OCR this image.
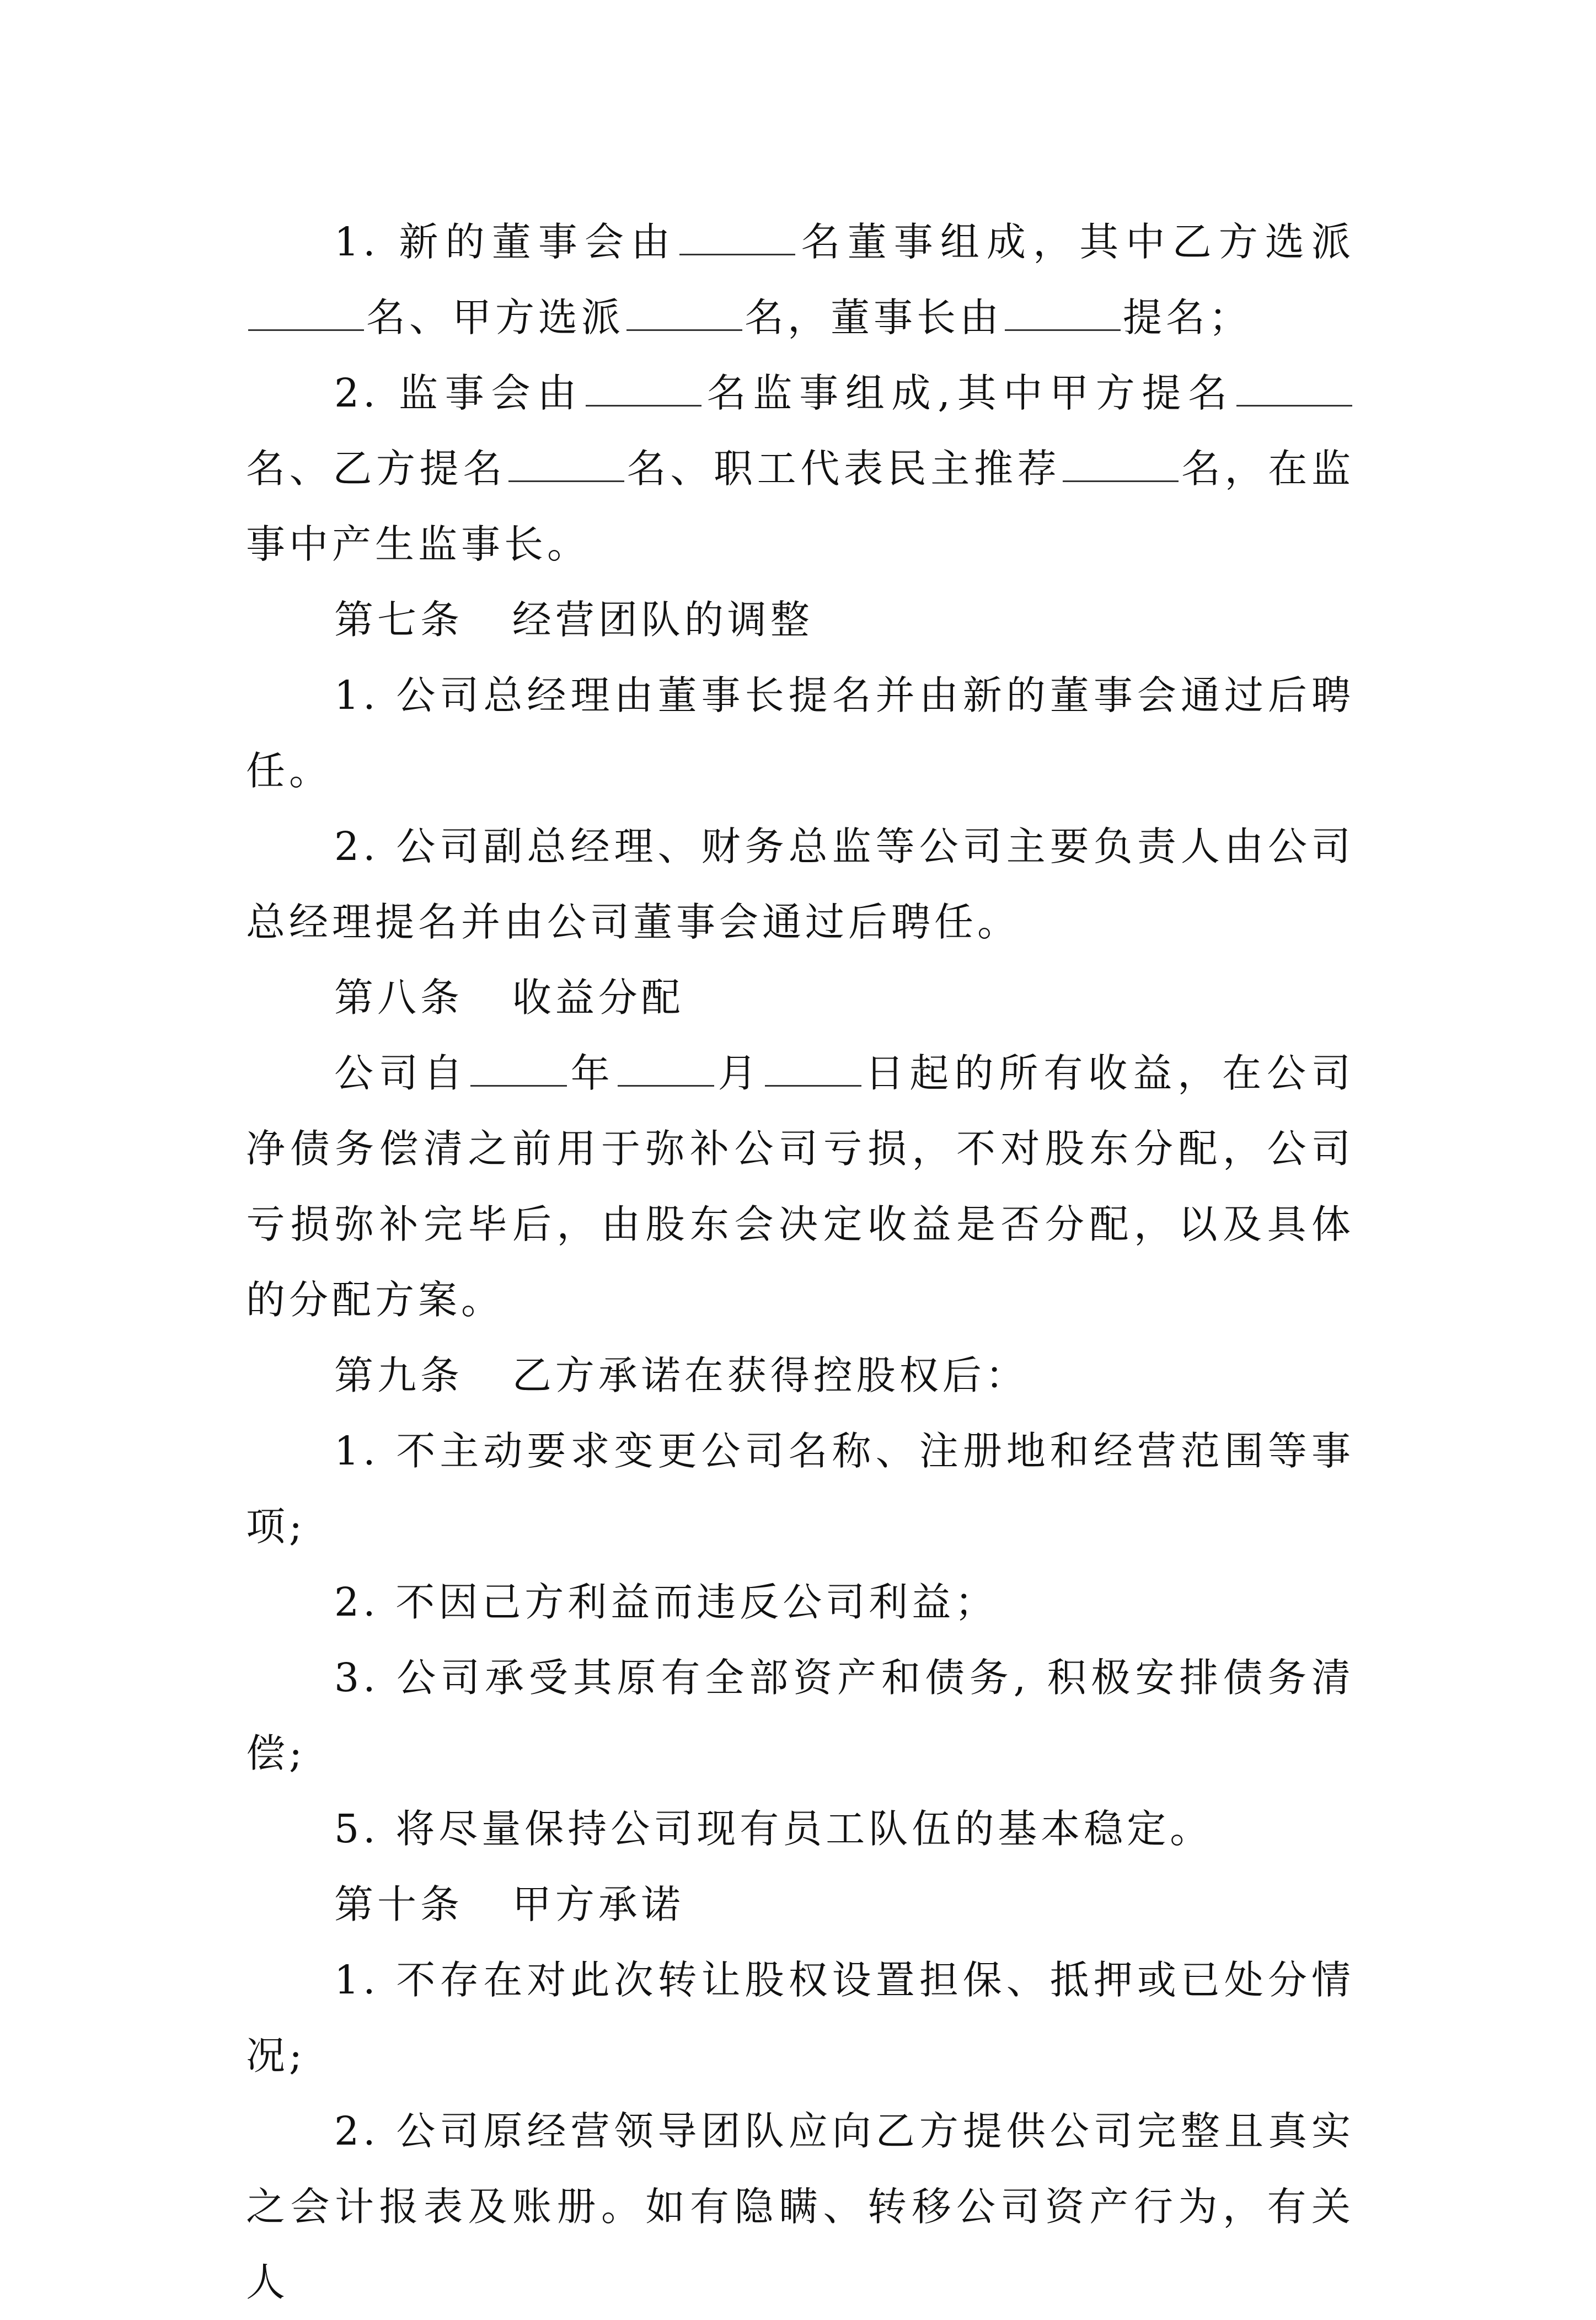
1. 新的董事会由	名董事组成，其中乙方选派名、甲方选派	名，董事长由	提名；

2. 监事会由	名监事组成,其中甲方提名名、乙方提名	名、职工代表民主推荐	名，在监事中产生监事长。

第七条   经营团队的调整

1. 公司总经理由董事长提名并由新的董事会通过后聘任。

2. 公司副总经理、财务总监等公司主要负责人由公司总经理提名并由公司董事会通过后聘任。

第八条   收益分配

公司自	年	月	日起的所有收益，在公司净债务偿清之前用于弥补公司亏损，不对股东分配，公司亏损弥补完毕后，由股东会决定收益是否分配，以及具体的分配方案。

第九条   乙方承诺在获得控股权后：

1. 不主动要求变更公司名称、注册地和经营范围等事项;

2. 不因己方利益而违反公司利益；

3. 公司承受其原有全部资产和债务, 积极安排债务清偿;

5. 将尽量保持公司现有员工队伍的基本稳定。

第十条   甲方承诺

1. 不存在对此次转让股权设置担保、抵押或已处分情况;

2. 公司原经营领导团队应向乙方提供公司完整且真实之会计报表及账册。如有隐瞒、转移公司资产行为，有关人
